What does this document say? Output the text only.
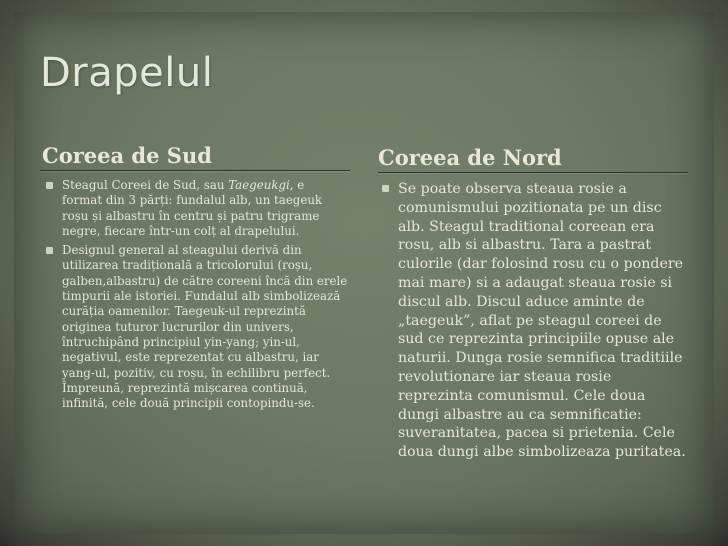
Drapelul
Coreea de Sud	Coreea de Nord
Steagul Coreei de Sud, sau Taegeukgi, e format din 3 părți: fundalul alb, un taegeuk roșu și albastru în centru și patru trigrame negre, fiecare într-un colț al drapelului.
Designul general al steagului derivă din utilizarea tradițională a tricolorului (roșu, galben,albastru) de către coreeni încă din erele timpurii ale istoriei. Fundalul alb simbolizează curăția oamenilor. Taegeuk-ul reprezintă originea tuturor lucrurilor din univers, întruchipând principiul yin-yang; yin-ul, negativul, este reprezentat cu albastru, iar yang-ul, pozitiv, cu roșu, în echilibru perfect. Împreună, reprezintă mișcarea continuă, infinită, cele două principii contopindu-se.
Se poate observa steaua rosie a comunismului pozitionata pe un disc alb. Steagul traditional coreean era rosu, alb si albastru. Tara a pastrat culorile (dar folosind rosu cu o pondere mai mare) si a adaugat steaua rosie si discul alb. Discul aduce aminte de „taegeuk”, aflat pe steagul coreei de sud ce reprezinta principiile opuse ale naturii. Dunga rosie semnifica traditiile revolutionare iar steaua rosie reprezinta comunismul. Cele doua dungi albastre au ca semnificatie: suveranitatea, pacea si prietenia. Cele doua dungi albe simbolizeaza puritatea.
